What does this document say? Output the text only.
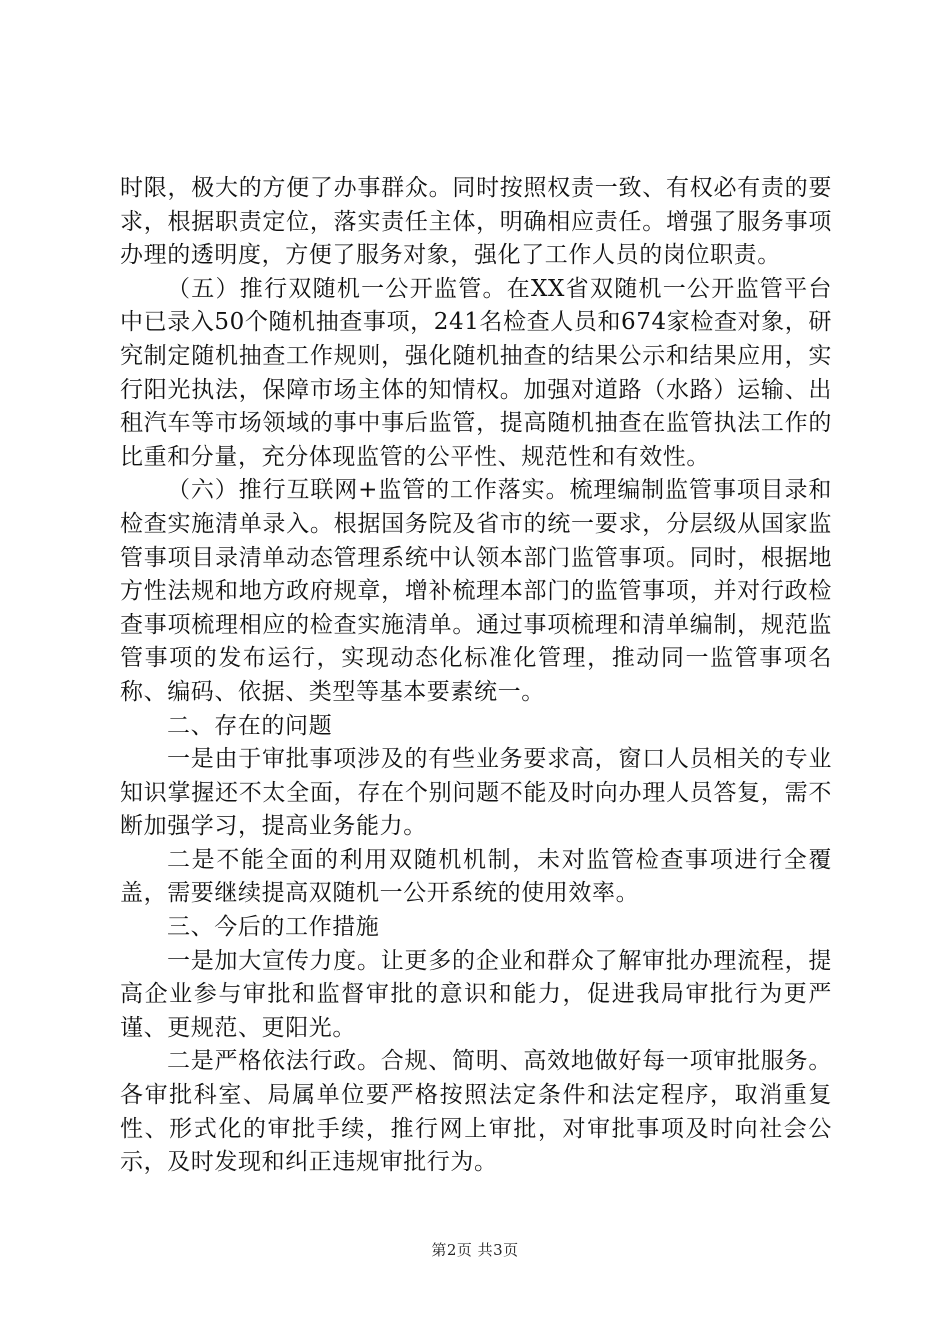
时限，极大的方便了办事群众。同时按照权责一致、有权必有责的要求，根据职责定位，落实责任主体，明确相应责任。增强了服务事项办理的透明度，方便了服务对象，强化了工作人员的岗位职责。

（五）推行双随机一公开监管。在XX省双随机一公开监管平台中已录入50个随机抽查事项，241名检查人员和674家检查对象，研究制定随机抽查工作规则，强化随机抽查的结果公示和结果应用，实行阳光执法，保障市场主体的知情权。加强对道路（水路）运输、出租汽车等市场领域的事中事后监管，提高随机抽查在监管执法工作的比重和分量，充分体现监管的公平性、规范性和有效性。

（六）推行互联网+监管的工作落实。梳理编制监管事项目录和检查实施清单录入。根据国务院及省市的统一要求，分层级从国家监管事项目录清单动态管理系统中认领本部门监管事项。同时，根据地方性法规和地方政府规章，增补梳理本部门的监管事项，并对行政检查事项梳理相应的检查实施清单。通过事项梳理和清单编制，规范监管事项的发布运行，实现动态化标准化管理，推动同一监管事项名称、编码、依据、类型等基本要素统一。

二、存在的问题

一是由于审批事项涉及的有些业务要求高，窗口人员相关的专业知识掌握还不太全面，存在个别问题不能及时向办理人员答复，需不断加强学习，提高业务能力。

二是不能全面的利用双随机机制，未对监管检查事项进行全覆盖，需要继续提高双随机一公开系统的使用效率。

三、今后的工作措施

一是加大宣传力度。让更多的企业和群众了解审批办理流程，提高企业参与审批和监督审批的意识和能力，促进我局审批行为更严谨、更规范、更阳光。

二是严格依法行政。合规、简明、高效地做好每一项审批服务。各审批科室、局属单位要严格按照法定条件和法定程序，取消重复性、形式化的审批手续，推行网上审批，对审批事项及时向社会公示，及时发现和纠正违规审批行为。

第2页 共3页
